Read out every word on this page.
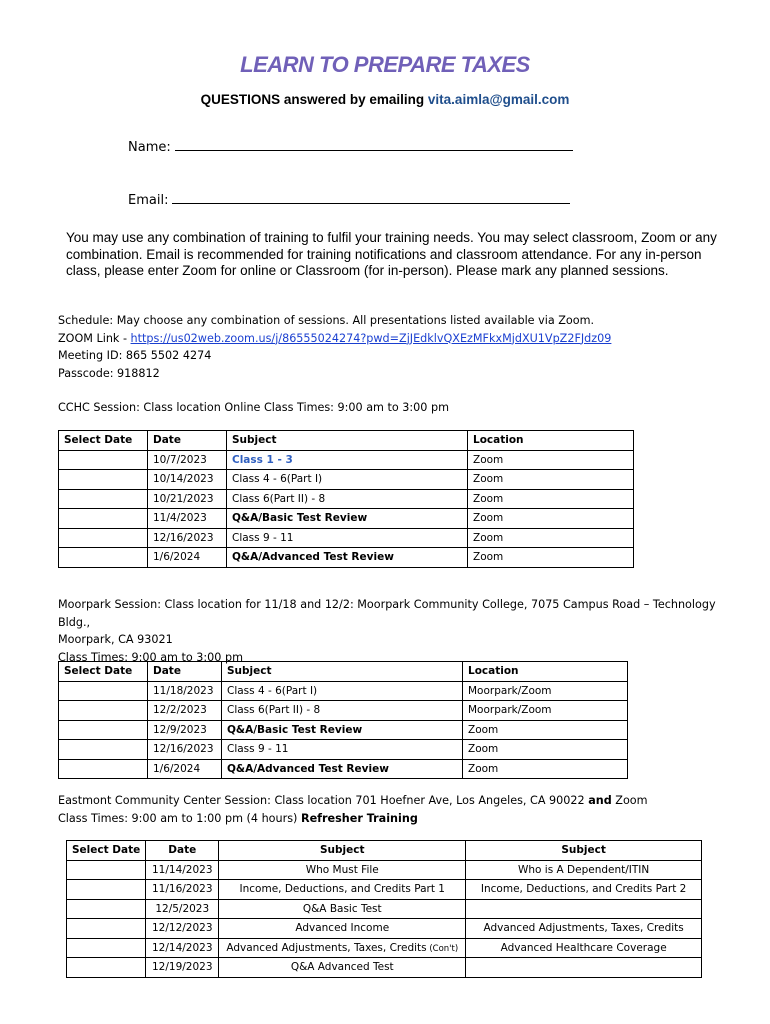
LEARN TO PREPARE TAXES
QUESTIONS answered by emailing vita.aimla@gmail.com
Name:
Email:
You may use any combination of training to fulfil your training needs. You may select classroom, Zoom or any combination. Email is recommended for training notifications and classroom attendance. For any in-person class, please enter Zoom for online or Classroom (for in-person). Please mark any planned sessions.
Schedule: May choose any combination of sessions. All presentations listed available via Zoom.
ZOOM Link - https://us02web.zoom.us/j/86555024274?pwd=ZjJEdklvQXEzMFkxMjdXU1VpZ2FJdz09
Meeting ID: 865 5502 4274
Passcode: 918812
CCHC Session: Class location Online Class Times: 9:00 am to 3:00 pm
Select Date	Date	Subject	Location
	10/7/2023	Class 1 - 3	Zoom
	10/14/2023	Class 4 - 6(Part I)	Zoom
	10/21/2023	Class 6(Part II) - 8	Zoom
	11/4/2023	Q&A/Basic Test Review	Zoom
	12/16/2023	Class 9 - 11	Zoom
	1/6/2024	Q&A/Advanced Test Review	Zoom
Moorpark Session: Class location for 11/18 and 12/2: Moorpark Community College, 7075 Campus Road – Technology Bldg.,
Moorpark, CA 93021
Class Times: 9:00 am to 3:00 pm
Select Date	Date	Subject	Location
	11/18/2023	Class 4 - 6(Part I)	Moorpark/Zoom
	12/2/2023	Class 6(Part II) - 8	Moorpark/Zoom
	12/9/2023	Q&A/Basic Test Review	Zoom
	12/16/2023	Class 9 - 11	Zoom
	1/6/2024	Q&A/Advanced Test Review	Zoom
Eastmont Community Center Session: Class location 701 Hoefner Ave, Los Angeles, CA 90022 and Zoom
Class Times: 9:00 am to 1:00 pm (4 hours) Refresher Training
Select Date	Date	Subject	Subject
	11/14/2023	Who Must File	Who is A Dependent/ITIN
	11/16/2023	Income, Deductions, and Credits Part 1	Income, Deductions, and Credits Part 2
	12/5/2023	Q&A Basic Test	
	12/12/2023	Advanced Income	Advanced Adjustments, Taxes, Credits
	12/14/2023	Advanced Adjustments, Taxes, Credits (Con't)	Advanced Healthcare Coverage
	12/19/2023	Q&A Advanced Test	
